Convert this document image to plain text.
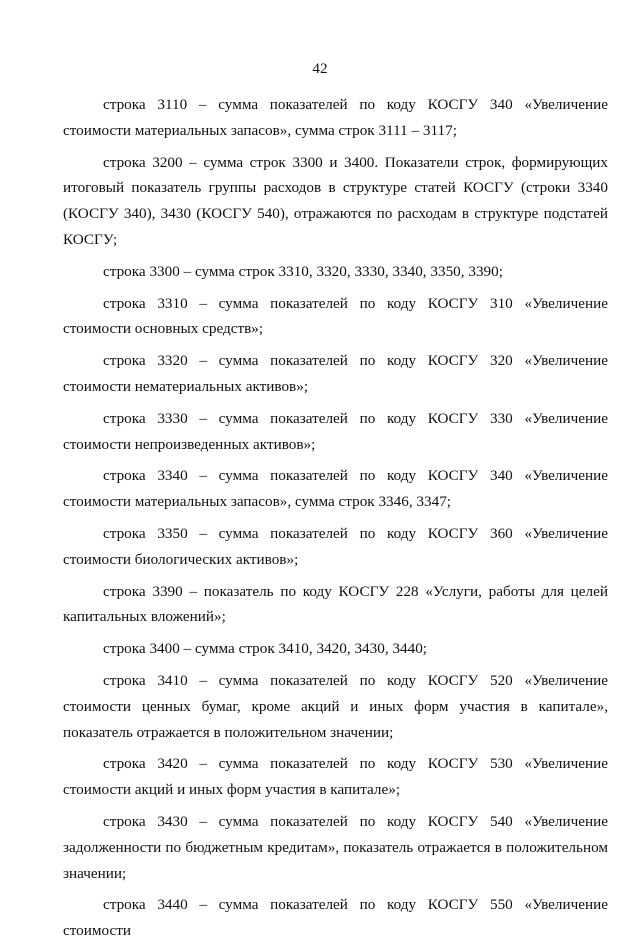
42

строка 3110 – сумма показателей по коду КОСГУ 340 «Увеличение стоимости материальных запасов», сумма строк 3111 – 3117;

строка 3200 – сумма строк 3300 и 3400. Показатели строк, формирующих итоговый показатель группы расходов в структуре статей КОСГУ (строки 3340 (КОСГУ 340), 3430 (КОСГУ 540), отражаются по расходам в структуре подстатей КОСГУ;

строка 3300 – сумма строк 3310, 3320, 3330, 3340, 3350, 3390;

строка 3310 – сумма показателей по коду КОСГУ 310 «Увеличение стоимости основных средств»;

строка 3320 – сумма показателей по коду КОСГУ 320 «Увеличение стоимости нематериальных активов»;

строка 3330 – сумма показателей по коду КОСГУ 330 «Увеличение стоимости непроизведенных активов»;

строка 3340 – сумма показателей по коду КОСГУ 340 «Увеличение стоимости материальных запасов», сумма строк 3346, 3347;

строка 3350 – сумма показателей по коду КОСГУ 360 «Увеличение стоимости биологических активов»;

строка 3390 – показатель по коду КОСГУ 228 «Услуги, работы для целей капитальных вложений»;

строка 3400 – сумма строк 3410, 3420, 3430, 3440;

строка 3410 – сумма показателей по коду КОСГУ 520 «Увеличение стоимости ценных бумаг, кроме акций и иных форм участия в капитале», показатель отражается в положительном значении;

строка 3420 – сумма показателей по коду КОСГУ 530 «Увеличение стоимости акций и иных форм участия в капитале»;

строка 3430 – сумма показателей по коду КОСГУ 540 «Увеличение задолженности по бюджетным кредитам», показатель отражается в положительном значении;

строка 3440 – сумма показателей по коду КОСГУ 550 «Увеличение стоимости
